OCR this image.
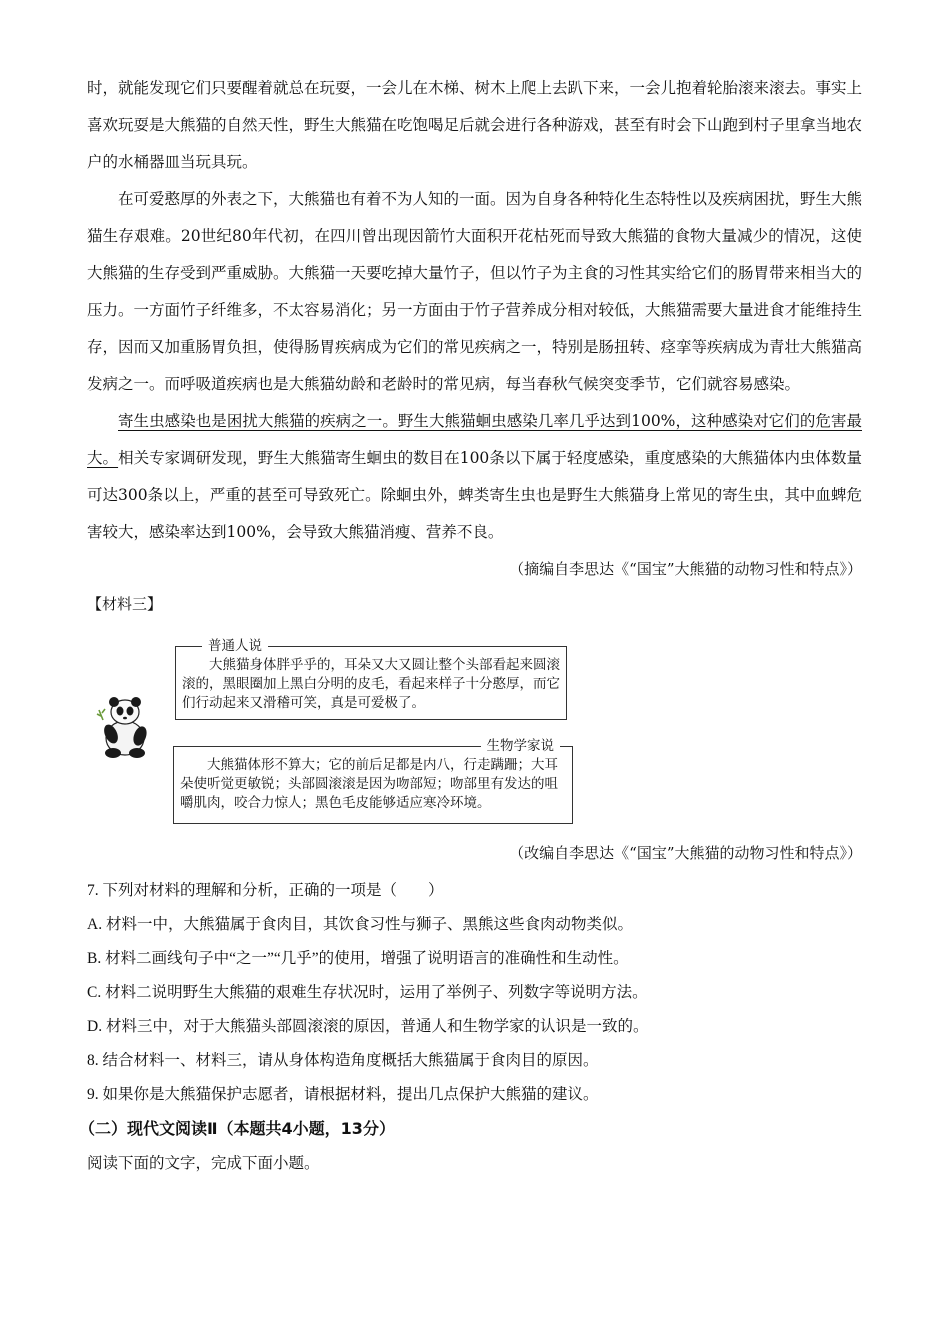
时，就能发现它们只要醒着就总在玩耍，一会儿在木梯、树木上爬上去趴下来，一会儿抱着轮胎滚来滚去。事实上喜欢玩耍是大熊猫的自然天性，野生大熊猫在吃饱喝足后就会进行各种游戏，甚至有时会下山跑到村子里拿当地农户的水桶器皿当玩具玩。

在可爱憨厚的外表之下，大熊猫也有着不为人知的一面。因为自身各种特化生态特性以及疾病困扰，野生大熊猫生存艰难。20世纪80年代初，在四川曾出现因箭竹大面积开花枯死而导致大熊猫的食物大量减少的情况，这使大熊猫的生存受到严重威胁。大熊猫一天要吃掉大量竹子，但以竹子为主食的习性其实给它们的肠胃带来相当大的压力。一方面竹子纤维多，不太容易消化；另一方面由于竹子营养成分相对较低，大熊猫需要大量进食才能维持生存，因而又加重肠胃负担，使得肠胃疾病成为它们的常见疾病之一，特别是肠扭转、痉挛等疾病成为青壮大熊猫高发病之一。而呼吸道疾病也是大熊猫幼龄和老龄时的常见病，每当春秋气候突变季节，它们就容易感染。

寄生虫感染也是困扰大熊猫的疾病之一。野生大熊猫蛔虫感染几率几乎达到100%，这种感染对它们的危害最大。相关专家调研发现，野生大熊猫寄生蛔虫的数目在100条以下属于轻度感染，重度感染的大熊猫体内虫体数量可达300条以上，严重的甚至可导致死亡。除蛔虫外，蜱类寄生虫也是野生大熊猫身上常见的寄生虫，其中血蜱危害较大，感染率达到100%，会导致大熊猫消瘦、营养不良。

（摘编自李思达《“国宝”大熊猫的动物习性和特点》）

【材料三】
普通人说
大熊猫身体胖乎乎的，耳朵又大又圆让整个头部看起来圆滚滚的，黑眼圈加上黑白分明的皮毛，看起来样子十分憨厚，而它们行动起来又滑稽可笑，真是可爱极了。
生物学家说
大熊猫体形不算大；它的前后足都是内八，行走蹒跚；大耳朵使听觉更敏锐；头部圆滚滚是因为吻部短；吻部里有发达的咀嚼肌肉，咬合力惊人；黑色毛皮能够适应寒冷环境。

（改编自李思达《“国宝”大熊猫的动物习性和特点》）

7. 下列对材料的理解和分析，正确的一项是（　　）

A. 材料一中，大熊猫属于食肉目，其饮食习性与狮子、黑熊这些食肉动物类似。

B. 材料二画线句子中“之一”“几乎”的使用，增强了说明语言的准确性和生动性。

C. 材料二说明野生大熊猫的艰难生存状况时，运用了举例子、列数字等说明方法。

D. 材料三中，对于大熊猫头部圆滚滚的原因，普通人和生物学家的认识是一致的。

8. 结合材料一、材料三，请从身体构造角度概括大熊猫属于食肉目的原因。

9. 如果你是大熊猫保护志愿者，请根据材料，提出几点保护大熊猫的建议。

（二）现代文阅读Ⅱ（本题共4小题，13分）

阅读下面的文字，完成下面小题。
